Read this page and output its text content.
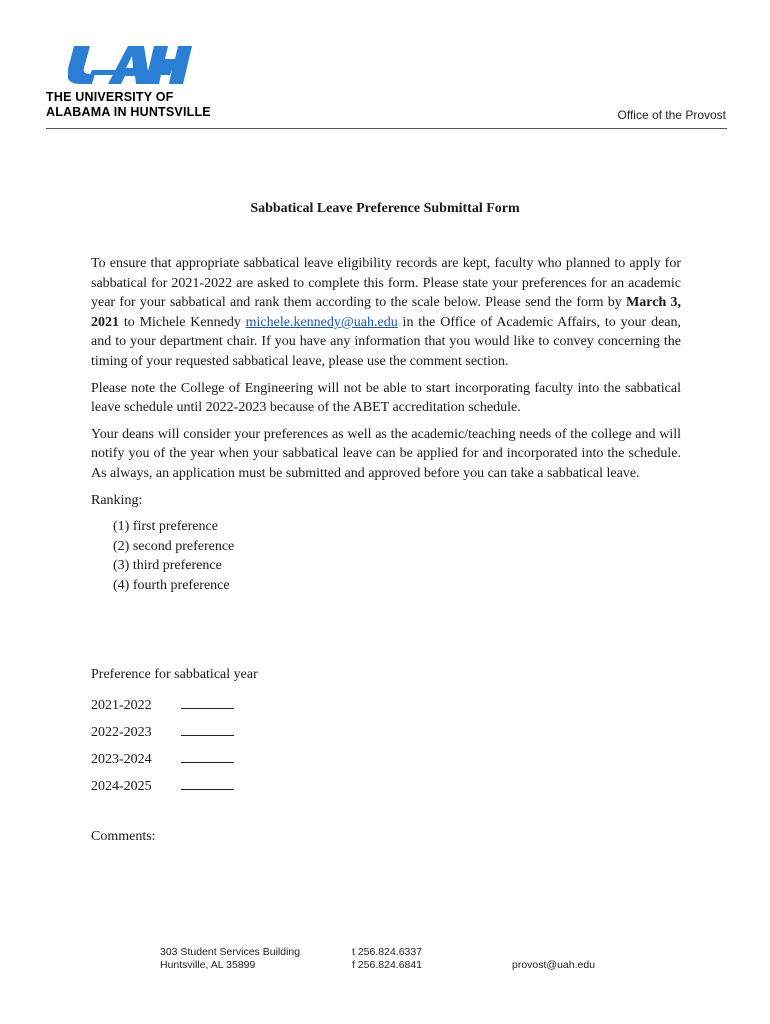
THE UNIVERSITY OF
ALABAMA IN HUNTSVILLE	Office of the Provost
Sabbatical Leave Preference Submittal Form

To ensure that appropriate sabbatical leave eligibility records are kept, faculty who planned to apply for sabbatical for 2021-2022 are asked to complete this form. Please state your preferences for an academic year for your sabbatical and rank them according to the scale below. Please send the form by March 3, 2021 to Michele Kennedy michele.kennedy@uah.edu in the Office of Academic Affairs, to your dean, and to your department chair. If you have any information that you would like to convey concerning the timing of your requested sabbatical leave, please use the comment section.

Please note the College of Engineering will not be able to start incorporating faculty into the sabbatical leave schedule until 2022-2023 because of the ABET accreditation schedule.

Your deans will consider your preferences as well as the academic/teaching needs of the college and will notify you of the year when your sabbatical leave can be applied for and incorporated into the schedule. As always, an application must be submitted and approved before you can take a sabbatical leave.

Ranking:

(1) first preference
(2) second preference
(3) third preference
(4) fourth preference
Preference for sabbatical year
2021-2022
2022-2023
2023-2024
2024-2025
Comments:
303 Student Services Building
Huntsville, AL 35899
t 256.824.6337
f 256.824.6841	provost@uah.edu
